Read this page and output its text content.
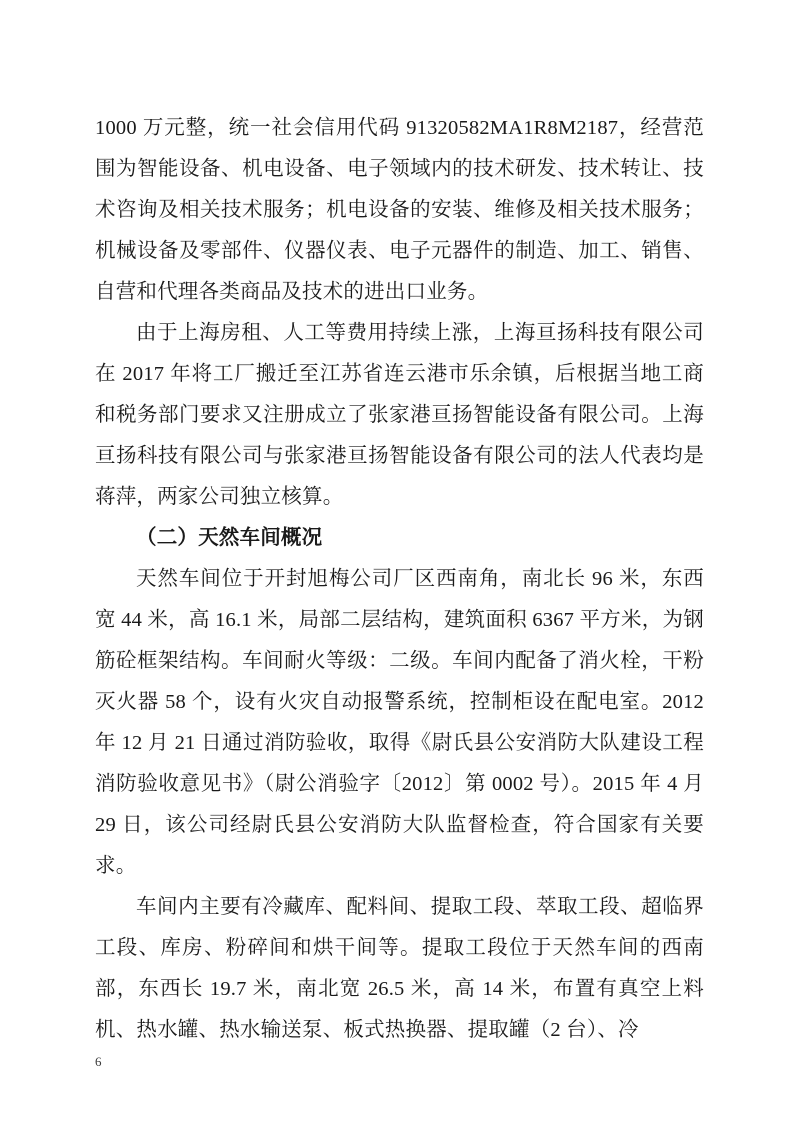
1000 万元整，统一社会信用代码 91320582MA1R8M2187，经营范围为智能设备、机电设备、电子领域内的技术研发、技术转让、技术咨询及相关技术服务；机电设备的安装、维修及相关技术服务；机械设备及零部件、仪器仪表、电子元器件的制造、加工、销售、自营和代理各类商品及技术的进出口业务。

由于上海房租、人工等费用持续上涨，上海亘扬科技有限公司在 2017 年将工厂搬迁至江苏省连云港市乐余镇，后根据当地工商和税务部门要求又注册成立了张家港亘扬智能设备有限公司。上海亘扬科技有限公司与张家港亘扬智能设备有限公司的法人代表均是蒋萍，两家公司独立核算。

（二）天然车间概况

天然车间位于开封旭梅公司厂区西南角，南北长 96 米，东西宽 44 米，高 16.1 米，局部二层结构，建筑面积 6367 平方米，为钢筋砼框架结构。车间耐火等级：二级。车间内配备了消火栓，干粉灭火器 58 个，设有火灾自动报警系统，控制柜设在配电室。2012 年 12 月 21 日通过消防验收，取得《尉氏县公安消防大队建设工程消防验收意见书》（尉公消验字〔2012〕第 0002 号）。2015 年 4 月 29 日，该公司经尉氏县公安消防大队监督检查，符合国家有关要求。

车间内主要有冷藏库、配料间、提取工段、萃取工段、超临界工段、库房、粉碎间和烘干间等。提取工段位于天然车间的西南部，东西长 19.7 米，南北宽 26.5 米，高 14 米，布置有真空上料机、热水罐、热水输送泵、板式热换器、提取罐（2 台）、冷

6
